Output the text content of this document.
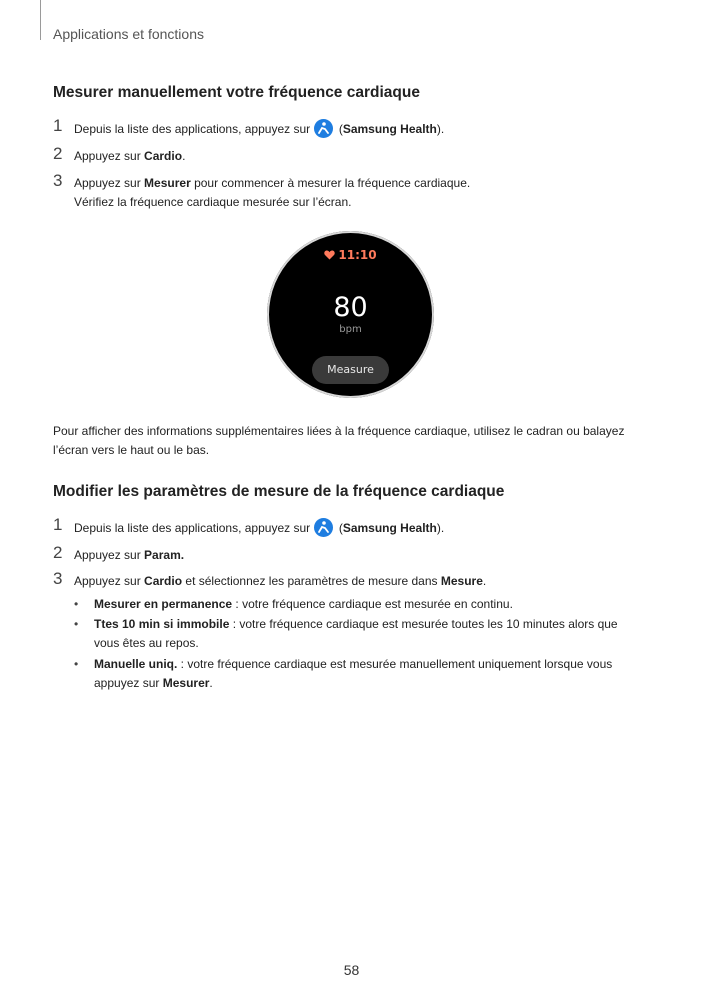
Applications et fonctions
Mesurer manuellement votre fréquence cardiaque
1 Depuis la liste des applications, appuyez sur
(Samsung Health).
2 Appuyez sur Cardio.
3 Appuyez sur Mesurer pour commencer à mesurer la fréquence cardiaque.
Vérifiez la fréquence cardiaque mesurée sur l’écran.
11:10
80
bpm
Measure
Pour afficher des informations supplémentaires liées à la fréquence cardiaque, utilisez le cadran ou balayez l’écran vers le haut ou le bas.
Modifier les paramètres de mesure de la fréquence cardiaque
1 Depuis la liste des applications, appuyez sur
(Samsung Health).
2 Appuyez sur Param.
3 Appuyez sur Cardio et sélectionnez les paramètres de mesure dans Mesure.
• Mesurer en permanence : votre fréquence cardiaque est mesurée en continu.
• Ttes 10 min si immobile : votre fréquence cardiaque est mesurée toutes les 10 minutes alors que vous êtes au repos.
• Manuelle uniq. : votre fréquence cardiaque est mesurée manuellement uniquement lorsque vous appuyez sur Mesurer.
58
